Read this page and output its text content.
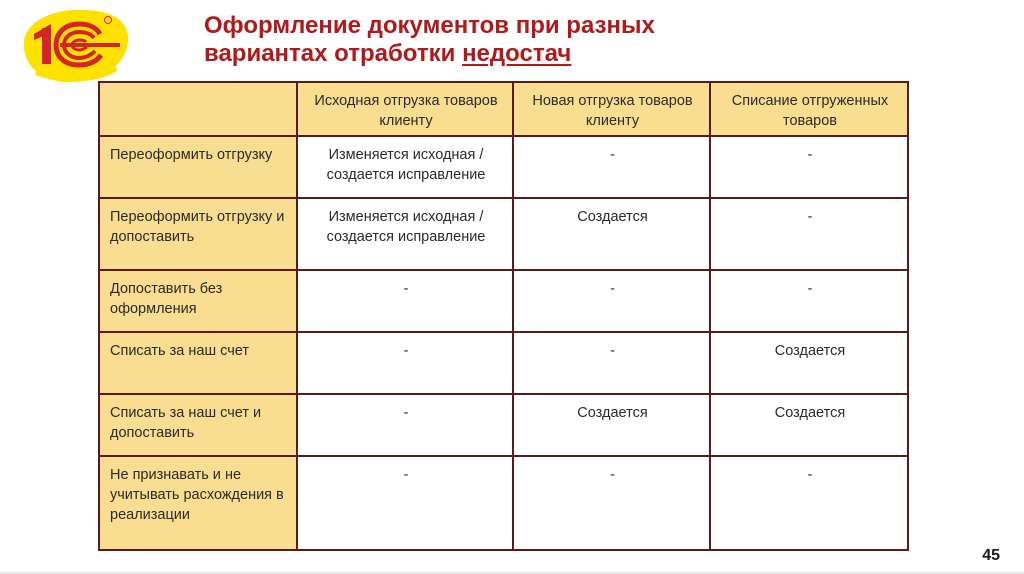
Оформление документов при разных
вариантах отработки недостач
	Исходная отгрузка товаров клиенту	Новая отгрузка товаров клиенту	Списание отгруженных товаров
Переоформить отгрузку	Изменяется исходная / создается исправление	-	-
Переоформить отгрузку и допоставить	Изменяется исходная / создается исправление	Создается	-
Допоставить без оформления	-	-	-
Списать за наш счет	-	-	Создается
Списать за наш счет и допоставить	-	Создается	Создается
Не признавать и не учитывать расхождения в реализации	-	-	-
45
